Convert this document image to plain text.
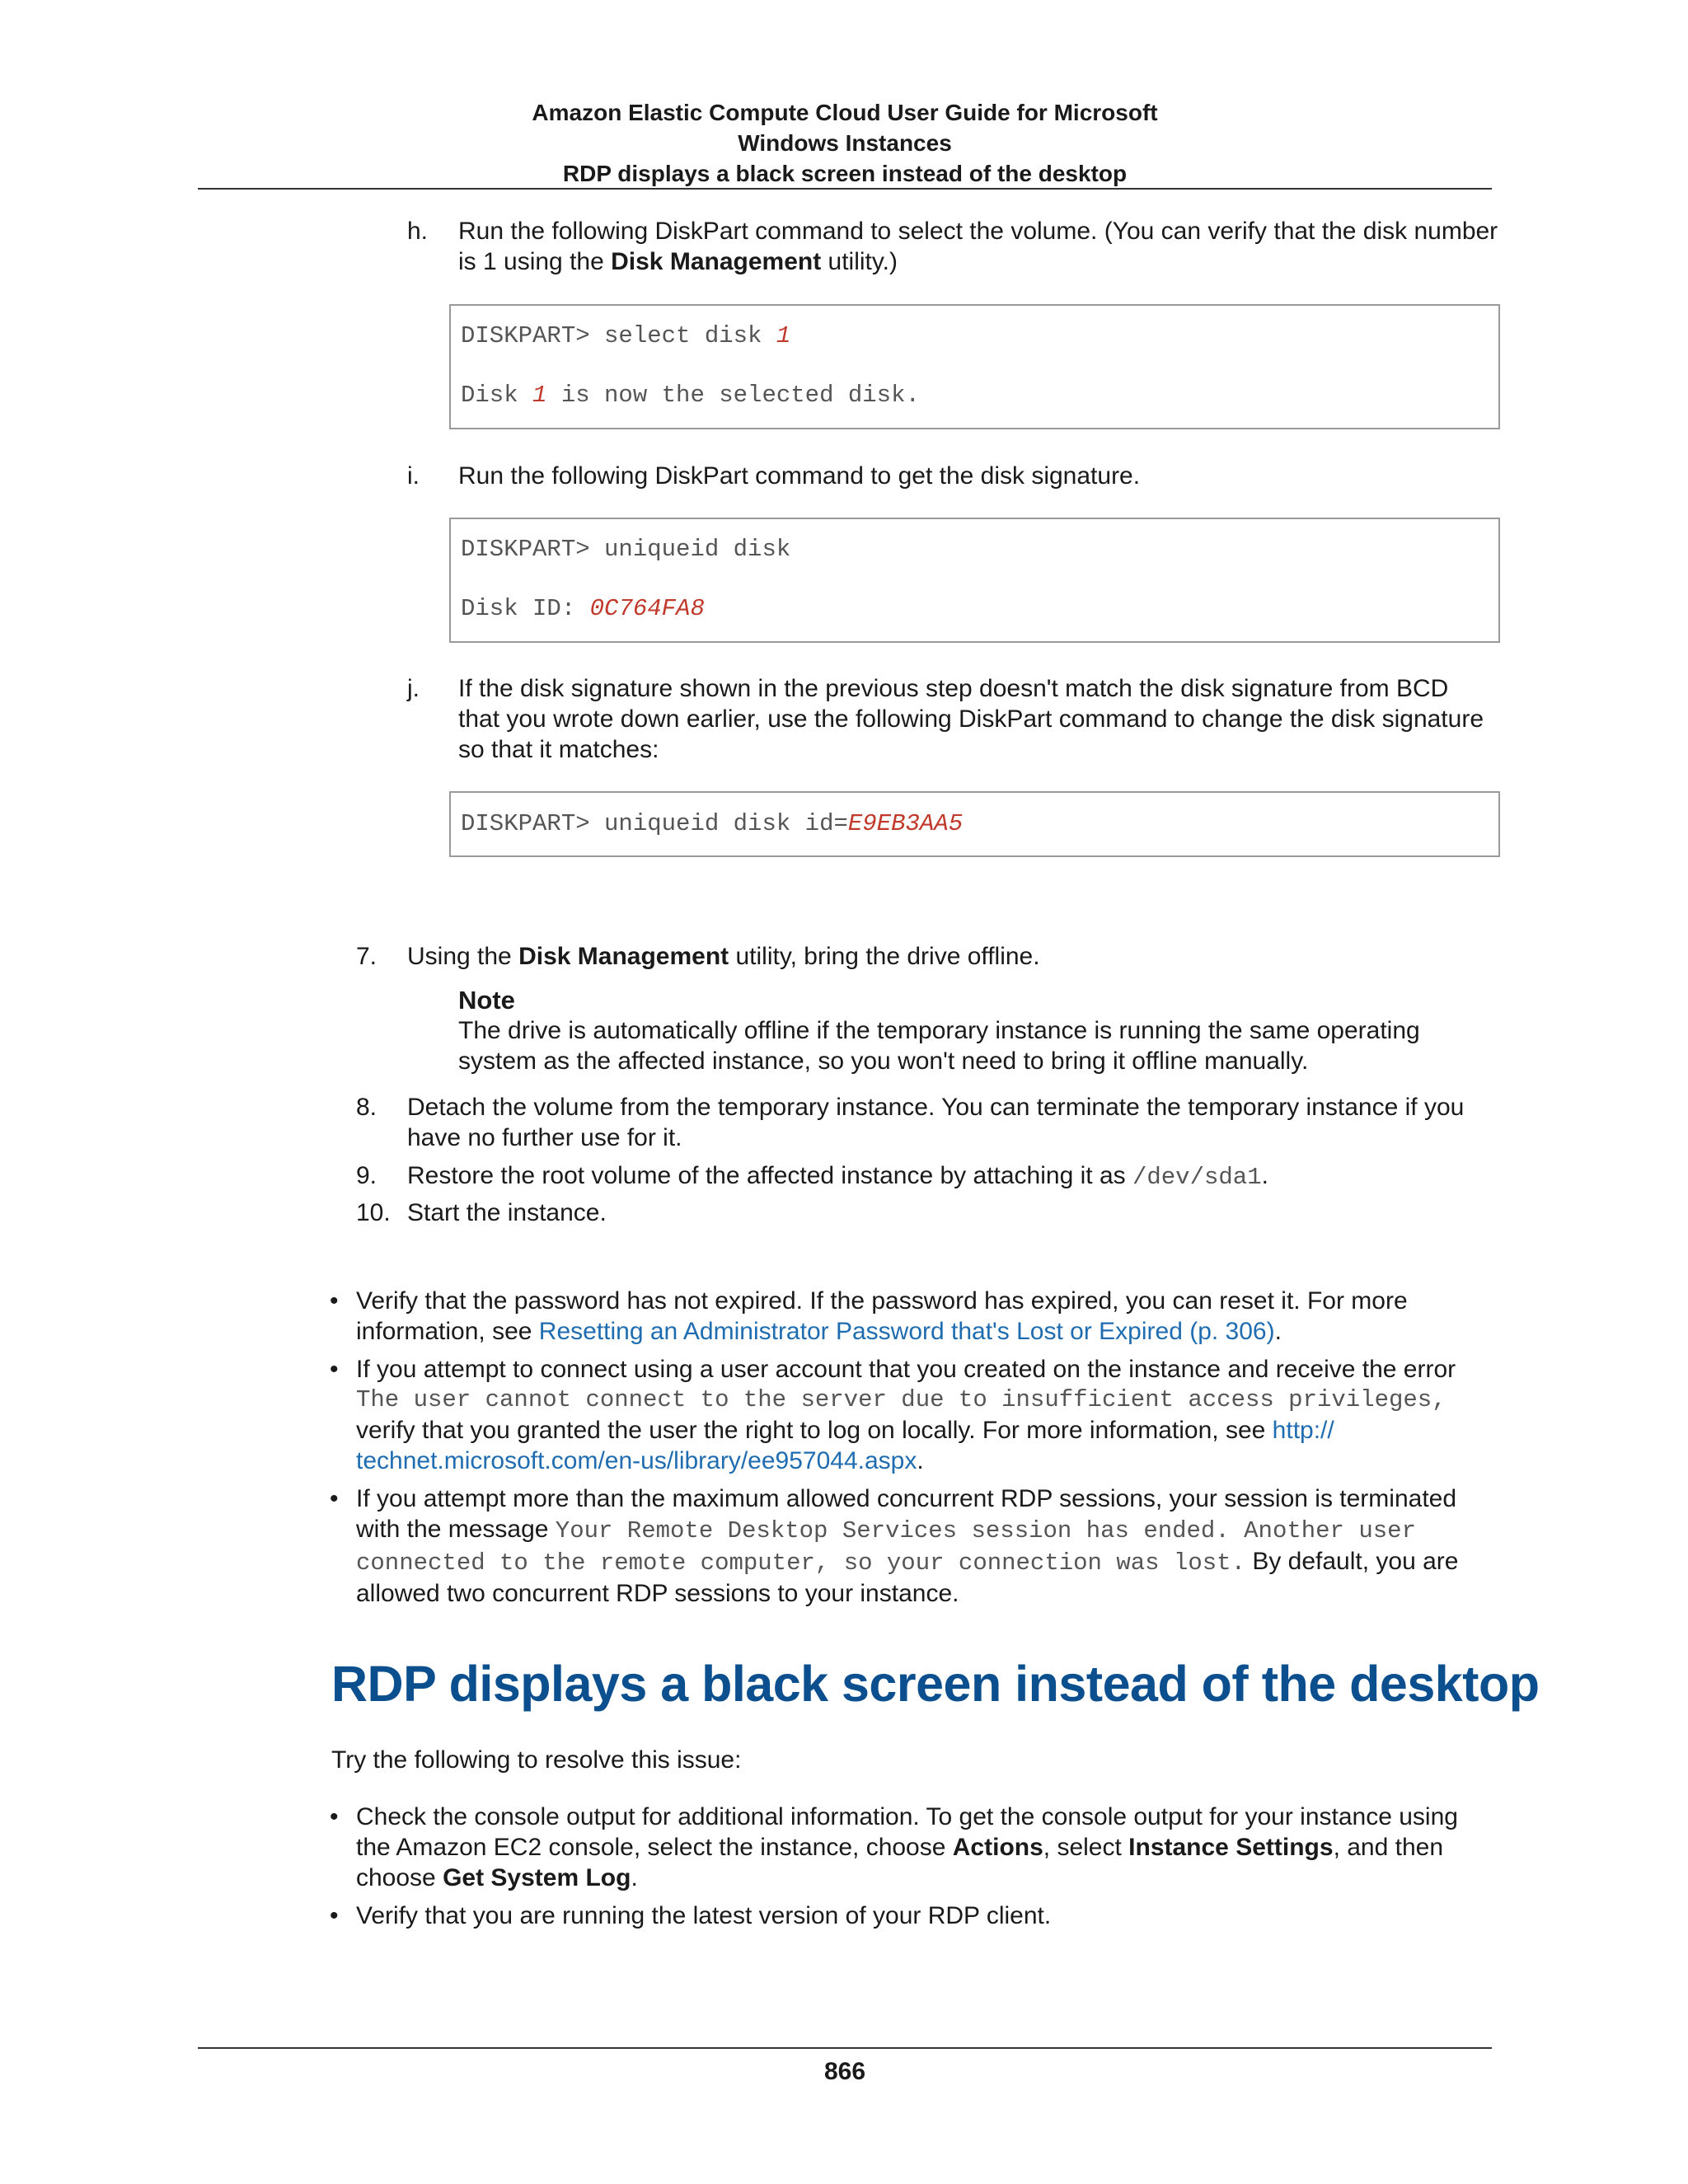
Amazon Elastic Compute Cloud User Guide for Microsoft
Windows Instances
RDP displays a black screen instead of the desktop
h. Run the following DiskPart command to select the volume. (You can verify that the disk number
is 1 using the Disk Management utility.)
DISKPART> select disk 1
Disk 1 is now the selected disk.
i. Run the following DiskPart command to get the disk signature.
DISKPART> uniqueid disk
Disk ID: 0C764FA8
j. If the disk signature shown in the previous step doesn't match the disk signature from BCD
that you wrote down earlier, use the following DiskPart command to change the disk signature
so that it matches:
DISKPART> uniqueid disk id=E9EB3AA5
7. Using the Disk Management utility, bring the drive offline.
Note
The drive is automatically offline if the temporary instance is running the same operating
system as the affected instance, so you won't need to bring it offline manually.
8. Detach the volume from the temporary instance. You can terminate the temporary instance if you
have no further use for it.
9. Restore the root volume of the affected instance by attaching it as /dev/sda1.
10. Start the instance.
• Verify that the password has not expired. If the password has expired, you can reset it. For more
information, see Resetting an Administrator Password that's Lost or Expired (p. 306).
• If you attempt to connect using a user account that you created on the instance and receive the error
The user cannot connect to the server due to insufficient access privileges,
verify that you granted the user the right to log on locally. For more information, see http://
technet.microsoft.com/en-us/library/ee957044.aspx.
• If you attempt more than the maximum allowed concurrent RDP sessions, your session is terminated
with the message Your Remote Desktop Services session has ended. Another user
connected to the remote computer, so your connection was lost. By default, you are
allowed two concurrent RDP sessions to your instance.
RDP displays a black screen instead of the desktop
Try the following to resolve this issue:
• Check the console output for additional information. To get the console output for your instance using
the Amazon EC2 console, select the instance, choose Actions, select Instance Settings, and then
choose Get System Log.
• Verify that you are running the latest version of your RDP client.
866
